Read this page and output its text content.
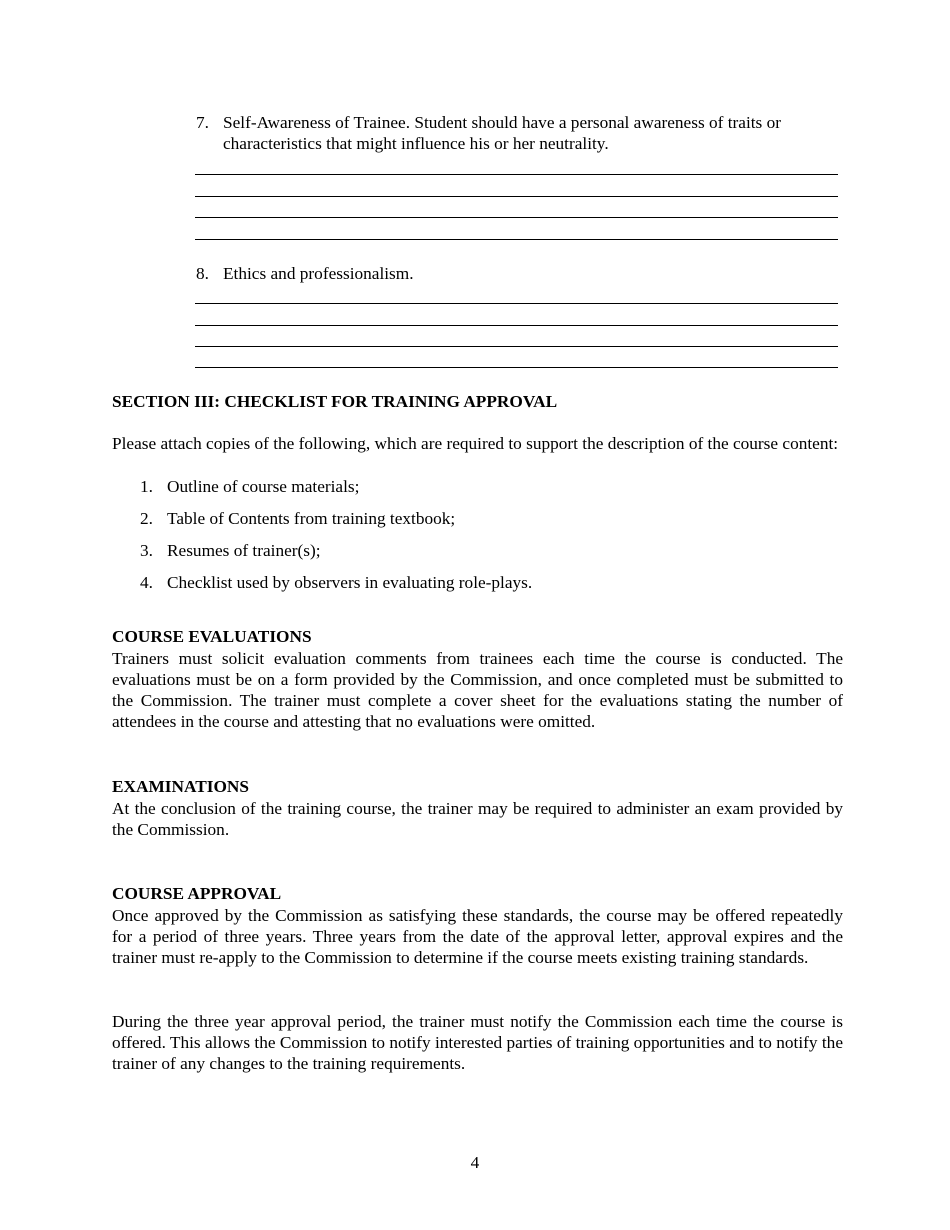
7. Self-Awareness of Trainee. Student should have a personal awareness of traits or characteristics that might influence his or her neutrality.
8. Ethics and professionalism.
SECTION III: CHECKLIST FOR TRAINING APPROVAL
Please attach copies of the following, which are required to support the description of the course content:
1. Outline of course materials;
2. Table of Contents from training textbook;
3. Resumes of trainer(s);
4. Checklist used by observers in evaluating role-plays.
COURSE EVALUATIONS
Trainers must solicit evaluation comments from trainees each time the course is conducted. The evaluations must be on a form provided by the Commission, and once completed must be submitted to the Commission. The trainer must complete a cover sheet for the evaluations stating the number of attendees in the course and attesting that no evaluations were omitted.
EXAMINATIONS
At the conclusion of the training course, the trainer may be required to administer an exam provided by the Commission.
COURSE APPROVAL
Once approved by the Commission as satisfying these standards, the course may be offered repeatedly for a period of three years. Three years from the date of the approval letter, approval expires and the trainer must re-apply to the Commission to determine if the course meets existing training standards.
During the three year approval period, the trainer must notify the Commission each time the course is offered. This allows the Commission to notify interested parties of training opportunities and to notify the trainer of any changes to the training requirements.
4
